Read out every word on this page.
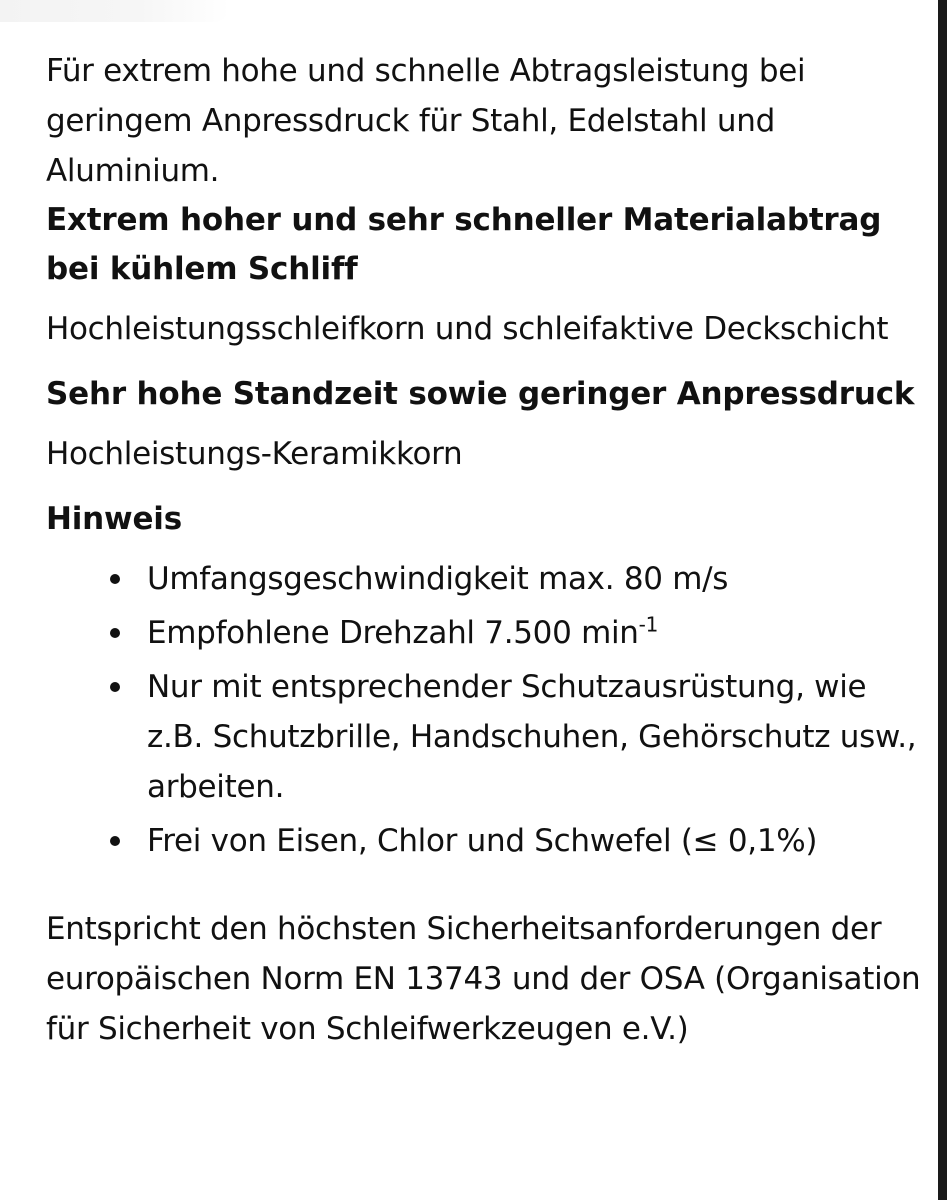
Für extrem hohe und schnelle Abtragsleistung bei geringem Anpressdruck für Stahl, Edelstahl und Aluminium.

Extrem hoher und sehr schneller Materialabtrag bei kühlem Schliff

Hochleistungsschleifkorn und schleifaktive Deckschicht

Sehr hohe Standzeit sowie geringer Anpressdruck

Hochleistungs-Keramikkorn

Hinweis
Umfangsgeschwindigkeit max. 80 m/s
Empfohlene Drehzahl 7.500 $\min^{-1}$
Nur mit entsprechender Schutzausrüstung, wie z.B. Schutzbrille, Handschuhen, Gehörschutz usw., arbeiten.
Frei von Eisen, Chlor und Schwefel (≤ 0,1%)

Entspricht den höchsten Sicherheitsanforderungen der europäischen Norm EN 13743 und der OSA (Organisation für Sicherheit von Schleifwerkzeugen e.V.)
